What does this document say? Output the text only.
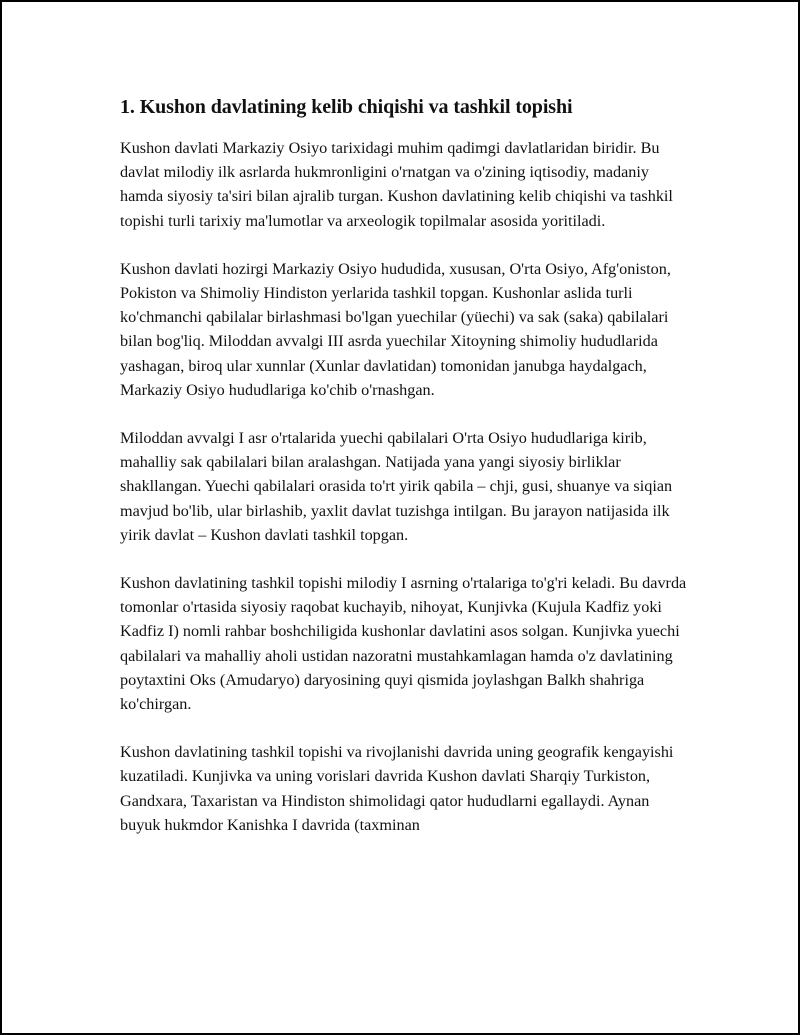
1. Kushon davlatining kelib chiqishi va tashkil topishi

Kushon davlati Markaziy Osiyo tarixidagi muhim qadimgi davlatlaridan biridir. Bu davlat milodiy ilk asrlarda hukmronligini o'rnatgan va o'zining iqtisodiy, madaniy hamda siyosiy ta'siri bilan ajralib turgan. Kushon davlatining kelib chiqishi va tashkil topishi turli tarixiy ma'lumotlar va arxeologik topilmalar asosida yoritiladi.

Kushon davlati hozirgi Markaziy Osiyo hududida, xususan, O'rta Osiyo, Afg'oniston, Pokiston va Shimoliy Hindiston yerlarida tashkil topgan. Kushonlar aslida turli ko'chmanchi qabilalar birlashmasi bo'lgan yuechilar (yüechi) va sak (saka) qabilalari bilan bog'liq. Miloddan avvalgi III asrda yuechilar Xitoyning shimoliy hududlarida yashagan, biroq ular xunnlar (Xunlar davlatidan) tomonidan janubga haydalgach, Markaziy Osiyo hududlariga ko'chib o'rnashgan.

Miloddan avvalgi I asr o'rtalarida yuechi qabilalari O'rta Osiyo hududlariga kirib, mahalliy sak qabilalari bilan aralashgan. Natijada yana yangi siyosiy birliklar shakllangan. Yuechi qabilalari orasida to'rt yirik qabila – chji, gusi, shuanye va siqian mavjud bo'lib, ular birlashib, yaxlit davlat tuzishga intilgan. Bu jarayon natijasida ilk yirik davlat – Kushon davlati tashkil topgan.

Kushon davlatining tashkil topishi milodiy I asrning o'rtalariga to'g'ri keladi. Bu davrda tomonlar o'rtasida siyosiy raqobat kuchayib, nihoyat, Kunjivka (Kujula Kadfiz yoki Kadfiz I) nomli rahbar boshchiligida kushonlar davlatini asos solgan. Kunjivka yuechi qabilalari va mahalliy aholi ustidan nazoratni mustahkamlagan hamda o'z davlatining poytaxtini Oks (Amudaryo) daryosining quyi qismida joylashgan Balkh shahriga ko'chirgan.

Kushon davlatining tashkil topishi va rivojlanishi davrida uning geografik kengayishi kuzatiladi. Kunjivka va uning vorislari davrida Kushon davlati Sharqiy Turkiston, Gandxara, Taxaristan va Hindiston shimolidagi qator hududlarni egallaydi. Aynan buyuk hukmdor Kanishka I davrida (taxminan
